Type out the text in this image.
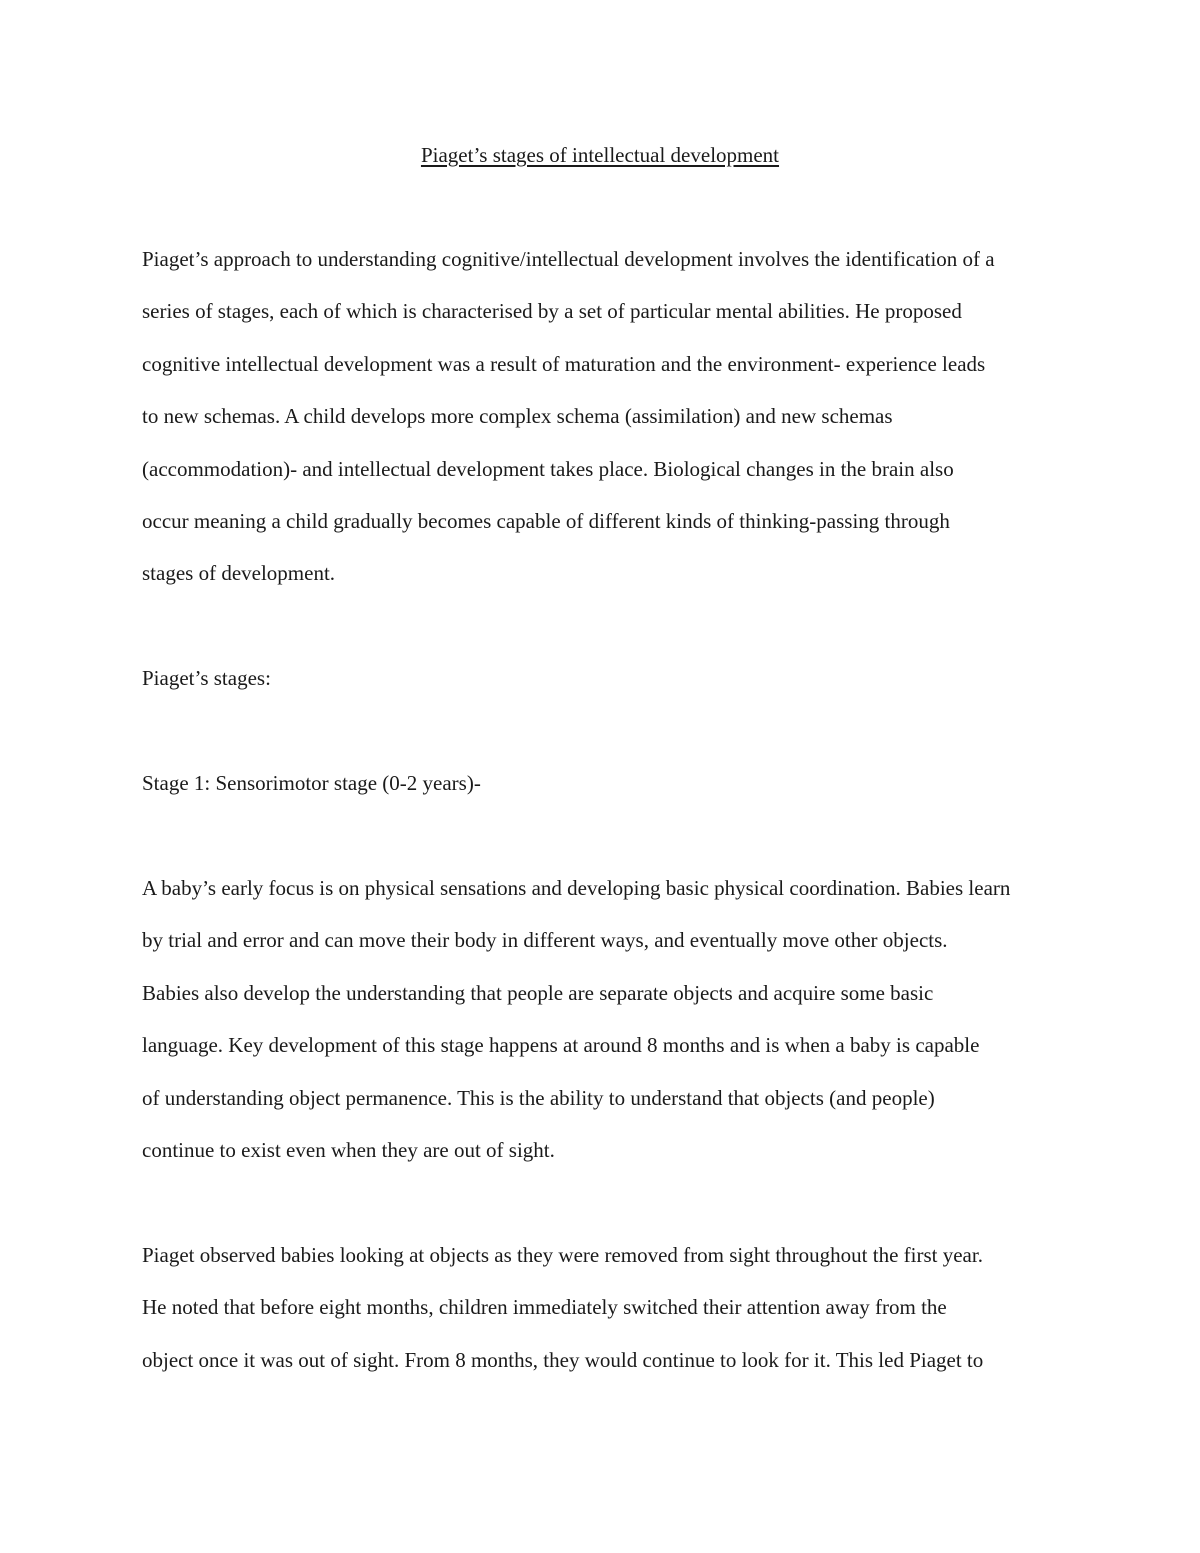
Piaget’s stages of intellectual development

Piaget’s approach to understanding cognitive/intellectual development involves the identification of a
series of stages, each of which is characterised by a set of particular mental abilities. He proposed
cognitive intellectual development was a result of maturation and the environment- experience leads
to new schemas. A child develops more complex schema (assimilation) and new schemas
(accommodation)- and intellectual development takes place. Biological changes in the brain also
occur meaning a child gradually becomes capable of different kinds of thinking-passing through
stages of development.

Piaget’s stages:

Stage 1: Sensorimotor stage (0-2 years)-

A baby’s early focus is on physical sensations and developing basic physical coordination. Babies learn
by trial and error and can move their body in different ways, and eventually move other objects.
Babies also develop the understanding that people are separate objects and acquire some basic
language. Key development of this stage happens at around 8 months and is when a baby is capable
of understanding object permanence. This is the ability to understand that objects (and people)
continue to exist even when they are out of sight.

Piaget observed babies looking at objects as they were removed from sight throughout the first year.
He noted that before eight months, children immediately switched their attention away from the
object once it was out of sight. From 8 months, they would continue to look for it. This led Piaget to
